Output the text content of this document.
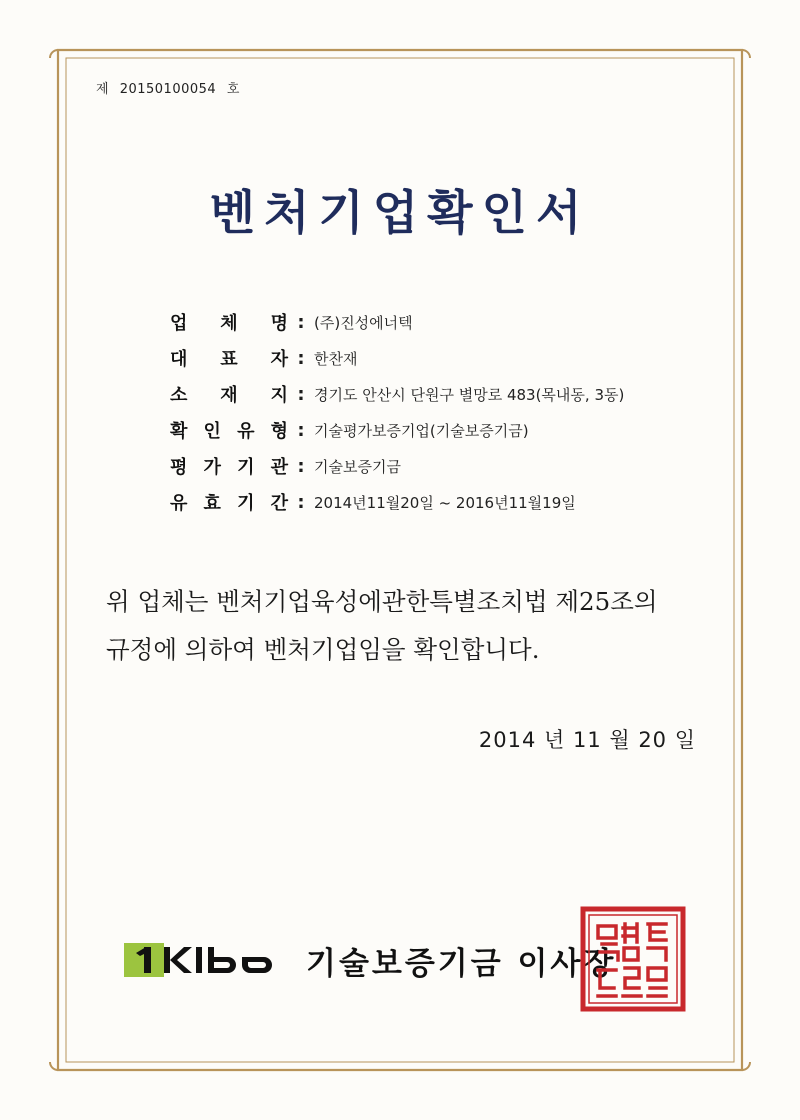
제 20150100054 호
벤처기업확인서
업 체 명 : (주)진성에너텍
대 표 자 : 한찬재
소 재 지 : 경기도 안산시 단원구 별망로 483(목내동, 3동)
확 인 유 형 : 기술평가보증기업(기술보증기금)
평 가 기 관 : 기술보증기금
유 효 기 간 : 2014년11월20일 ~ 2016년11월19일
위 업체는 벤처기업육성에관한특별조치법 제25조의
규정에 의하여 벤처기업임을 확인합니다.
2014 년 11 월 20 일
기술보증기금 이사장
